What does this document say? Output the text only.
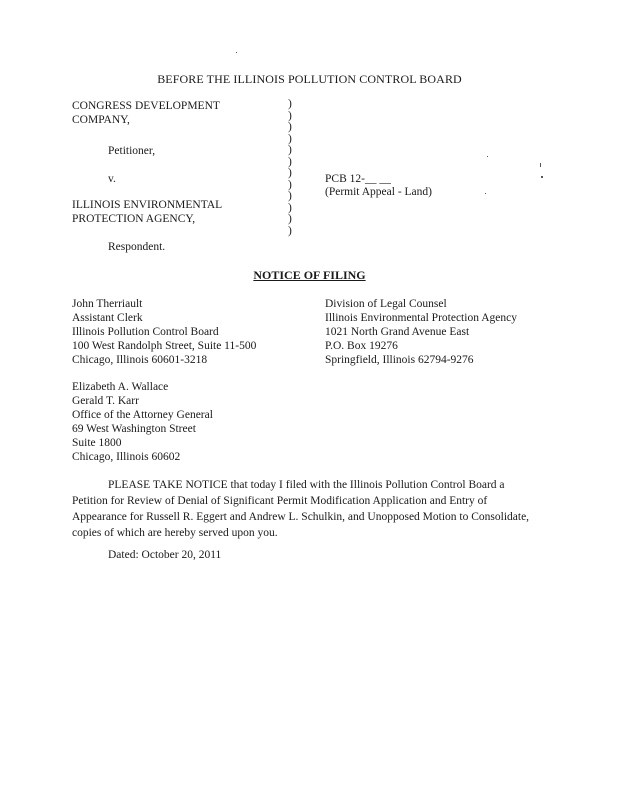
BEFORE THE ILLINOIS POLLUTION CONTROL BOARD
CONGRESS DEVELOPMENT
COMPANY,
Petitioner,
v.
ILLINOIS ENVIRONMENTAL
PROTECTION AGENCY,
Respondent.
)
)
)
)
)
)
)
)
)
)
)
)
PCB 12-__ __
(Permit Appeal - Land)
NOTICE OF FILING
John Therriault
Assistant Clerk
Illinois Pollution Control Board
100 West Randolph Street, Suite 11-500
Chicago, Illinois 60601-3218
Division of Legal Counsel
Illinois Environmental Protection Agency
1021 North Grand Avenue East
P.O. Box 19276
Springfield, Illinois 62794-9276
Elizabeth A. Wallace
Gerald T. Karr
Office of the Attorney General
69 West Washington Street
Suite 1800
Chicago, Illinois 60602
PLEASE TAKE NOTICE that today I filed with the Illinois Pollution Control Board a Petition for Review of Denial of Significant Permit Modification Application and Entry of Appearance for Russell R. Eggert and Andrew L. Schulkin, and Unopposed Motion to Consolidate, copies of which are hereby served upon you.
Dated: October 20, 2011
